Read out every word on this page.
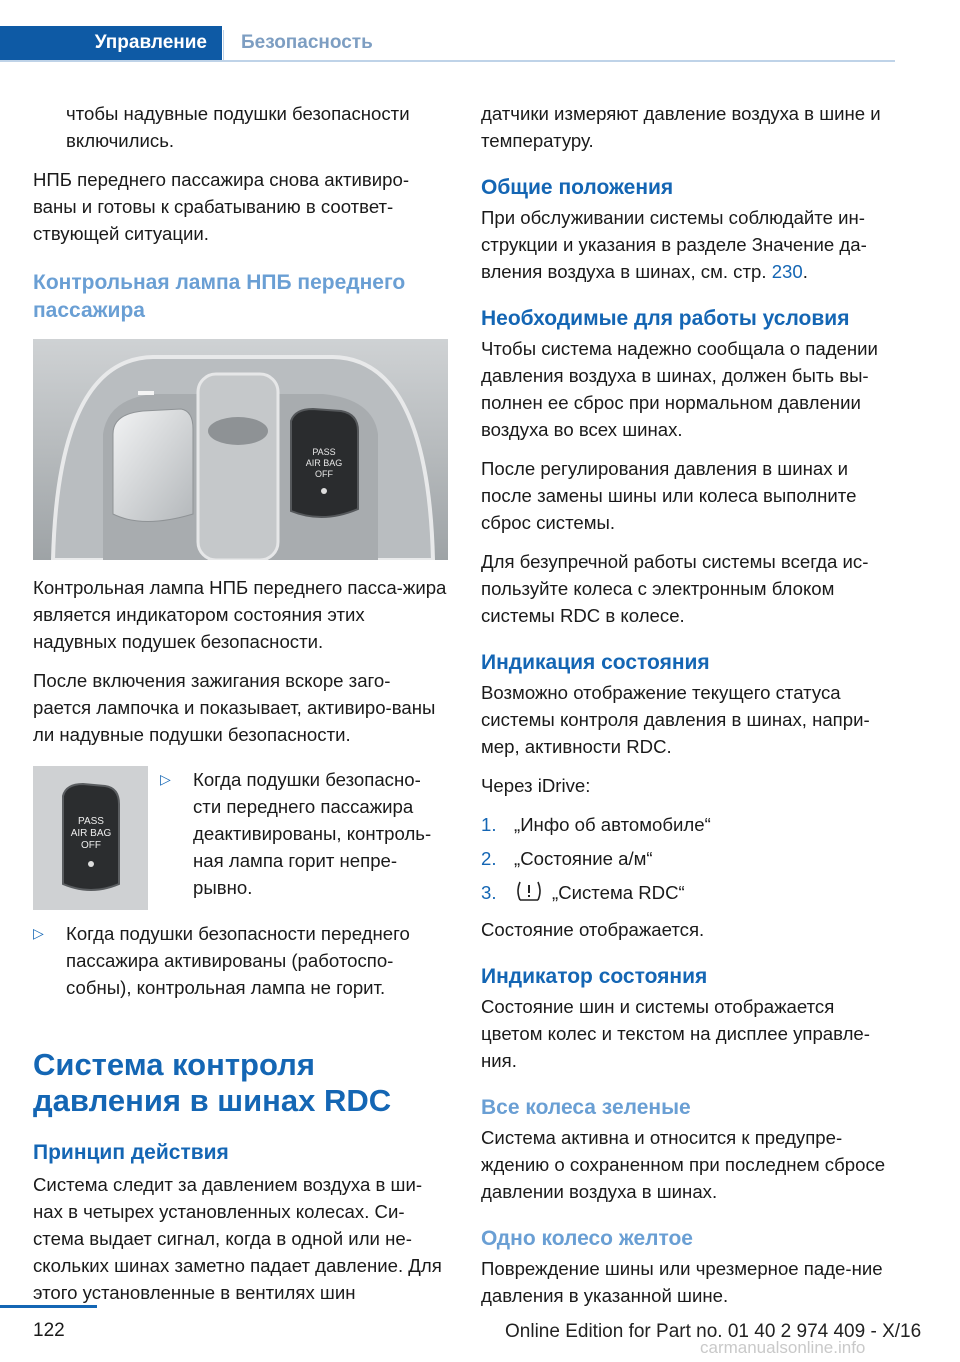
Управление	Безопасность

чтобы надувные подушки безопасности включились.

НПБ переднего пассажира снова активиро‐ваны и готовы к срабатыванию в соответ‐ствующей ситуации.

Контрольная лампа НПБ переднего пассажира
PASS
AIR BAG
OFF

Контрольная лампа НПБ переднего пасса‐жира является индикатором состояния этих надувных подушек безопасности.

После включения зажигания вскоре заго‐рается лампочка и показывает, активиро‐ваны ли надувные подушки безопасности.

PASS
AIR BAG
OFF
▷	Когда подушки безопасно‐сти переднего пассажира деактивированы, контроль‐ная лампа горит непре‐рывно.
▷	Когда подушки безопасности переднего пассажира активированы (работоспо‐собны), контрольная лампа не горит.
Система контроля давления в шинах RDC
Принцип действия

Система следит за давлением воздуха в ши‐нах в четырех установленных колесах. Си‐стема выдает сигнал, когда в одной или не‐скольких шинах заметно падает давление. Для этого установленные в вентилях шин

датчики измеряют давление воздуха в шине и температуру.

Общие положения

При обслуживании системы соблюдайте ин‐струкции и указания в разделе Значение да‐вления воздуха в шинах, см. стр. 230.

Необходимые для работы условия

Чтобы система надежно сообщала о падении давления воздуха в шинах, должен быть вы‐полнен ее сброс при нормальном давлении воздуха во всех шинах.

После регулирования давления в шинах и после замены шины или колеса выполните сброс системы.

Для безупречной работы системы всегда ис‐пользуйте колеса с электронным блоком системы RDC в колесе.

Индикация состояния

Возможно отображение текущего статуса системы контроля давления в шинах, напри‐мер, активности RDC.

Через iDrive:

1. „Инфо об автомобиле“
2. „Состояние а/м“
3.	„Система RDC“

Состояние отображается.

Индикатор состояния

Состояние шин и системы отображается цветом колес и текстом на дисплее управле‐ния.

Все колеса зеленые

Система активна и относится к предупре‐ждению о сохраненном при последнем сбросе давлении воздуха в шинах.

Одно колесо желтое

Повреждение шины или чрезмерное паде‐ние давления в указанной шине.

122	Online Edition for Part no. 01 40 2 974 409 - X/16
carmanualsonline.info
